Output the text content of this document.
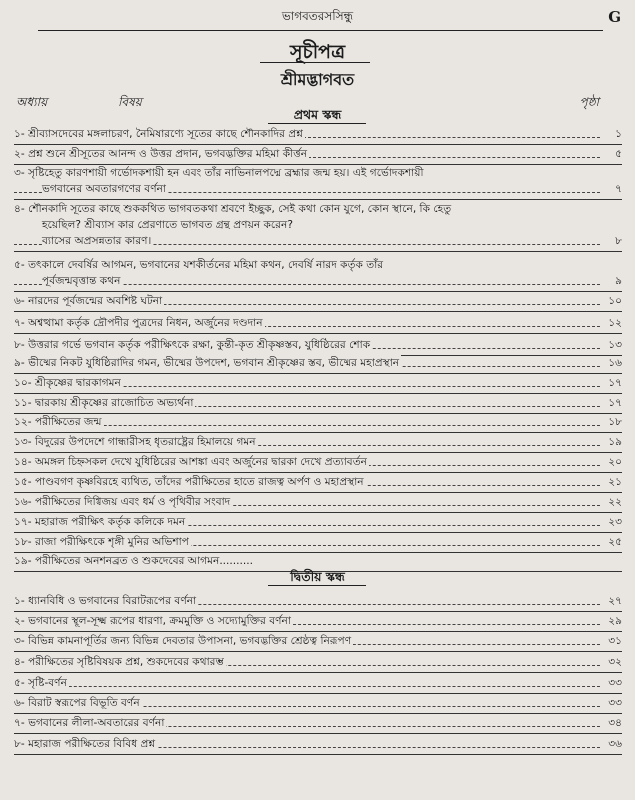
ভাগবতরসসিন্ধু	G
সূচীপত্র
শ্রীমদ্ভাগবত
অধ্যায়	বিষয়	পৃষ্ঠা
প্রথম স্কন্ধ
১- শ্রীব্যাসদেবের মঙ্গলাচরণ, নৈমিষারণ্যে সূতের কাছে শৌনকাদির প্রশ্ন	১
২- প্রশ্ন শুনে শ্রীসূতের আনন্দ ও উত্তর প্রদান, ভগবদ্ভক্তির মহিমা কীর্ত্তন	৫
৩- সৃষ্টিহেতু কারণশায়ী গর্ভোদকশায়ী হন এবং তাঁর নাভিনালপদ্মে ব্রহ্মার জন্ম হয়। এই গর্ভোদকশায়ী
ভগবানের অবতারগণের বর্ণনা	৭
৪- শৌনকাদি সূতের কাছে শুককথিত ভাগবতকথা শ্রবণে ইচ্ছুক, সেই কথা কোন যুগে, কোন স্থানে, কি হেতু
হয়েছিল? শ্রীব্যাস কার প্রেরণাতে ভাগবত গ্রন্থ প্রণয়ন করেন?
ব্যাসের অপ্রসন্নতার কারণ।	৮
৫- তৎকালে দেবর্ষির আগমন, ভগবানের যশকীর্তনের মহিমা কথন, দেবর্ষি নারদ কর্তৃক তাঁর
পূর্বজন্মবৃত্তান্ত কথন	৯
৬- নারদের পূর্বজন্মের অবশিষ্ট ঘটনা	১০
৭- অশ্বত্থামা কর্তৃক দ্রৌপদীর পুত্রদের নিধন, অর্জুনের দণ্ডদান	১২
৮- উত্তরার গর্ভে ভগবান কর্তৃক পরীক্ষিৎকে রক্ষা, কুন্তী-কৃত শ্রীকৃষ্ণস্তব, যুধিষ্ঠিরের শোক	১৩
৯- ভীষ্মের নিকট যুধিষ্ঠিরাদির গমন, ভীষ্মের উপদেশ, ভগবান শ্রীকৃষ্ণের স্তব, ভীষ্মের মহাপ্রস্থান	১৬
১০- শ্রীকৃষ্ণের দ্বারকাগমন	১৭
১১- দ্বারকায় শ্রীকৃষ্ণের রাজোচিত অভ্যর্থনা	১৭
১২- পরীক্ষিতের জন্ম	১৮
১৩- বিদুরের উপদেশে গান্ধারীসহ ধৃতরাষ্ট্রের হিমালয়ে গমন	১৯
১৪- অমঙ্গল চিহ্নসকল দেখে যুধিষ্ঠিরের আশঙ্কা এবং অর্জুনের দ্বারকা দেখে প্রত্যাবর্তন	২০
১৫- পাণ্ডবগণ কৃষ্ণবিরহে ব্যথিত, তাঁদের পরীক্ষিতের হাতে রাজত্ব অর্পণ ও মহাপ্রস্থান	২১
১৬- পরীক্ষিতের দিগ্বিজয় এবং ধর্ম ও পৃথিবীর সংবাদ	২২
১৭- মহারাজ পরীক্ষিৎ কর্তৃক কলিকে দমন	২৩
১৮- রাজা পরীক্ষিৎকে শৃঙ্গী মুনির অভিশাপ	২৫
১৯- পরীক্ষিতের অনশনব্রত ও শুকদেবের আগমন..........
দ্বিতীয় স্কন্ধ
১- ধ্যানবিধি ও ভগবানের বিরাটরূপের বর্ণনা	২৭
২- ভগবানের স্থূল-সূক্ষ্ম রূপের ধারণা, ক্রমমুক্তি ও সদ্যোমুক্তির বর্ণনা	২৯
৩- বিভিন্ন কামনাপূর্তির জন্য বিভিন্ন দেবতার উপাসনা, ভগবদ্ভক্তির শ্রেষ্ঠত্ব নিরূপণ	৩১
৪- পরীক্ষিতের সৃষ্টিবিষয়ক প্রশ্ন, শুকদেবের কথারম্ভ	৩২
৫- সৃষ্টি-বর্ণন	৩৩
৬- বিরাট স্বরূপের বিভূতি বর্ণন	৩৩
৭- ভগবানের লীলা-অবতারের বর্ণনা	৩৪
৮- মহারাজ পরীক্ষিতের বিবিধ প্রশ্ন	৩৬
